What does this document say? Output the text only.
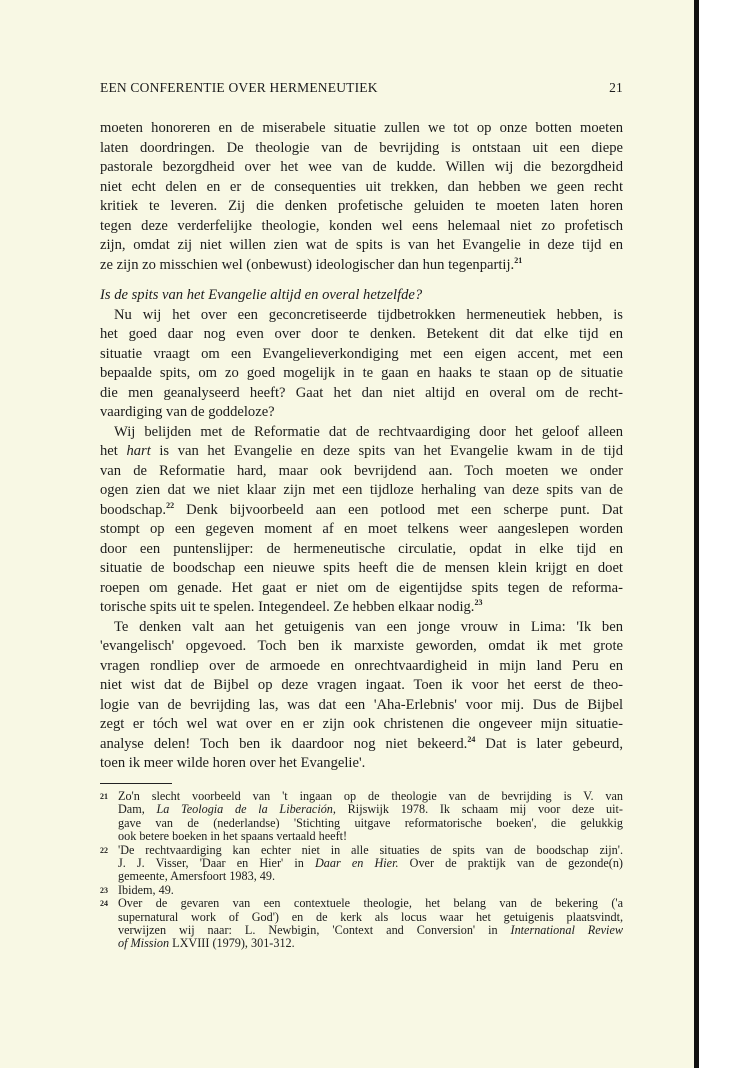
EEN CONFERENTIE OVER HERMENEUTIEK	21
moeten honoreren en de miserabele situatie zullen we tot op onze botten moeten
laten doordringen. De theologie van de bevrijding is ontstaan uit een diepe
pastorale bezorgdheid over het wee van de kudde. Willen wij die bezorgdheid
niet echt delen en er de consequenties uit trekken, dan hebben we geen recht
kritiek te leveren. Zij die denken profetische geluiden te moeten laten horen
tegen deze verderfelijke theologie, konden wel eens helemaal niet zo profetisch
zijn, omdat zij niet willen zien wat de spits is van het Evangelie in deze tijd en
ze zijn zo misschien wel (onbewust) ideologischer dan hun tegenpartij.$^{21}$
Is de spits van het Evangelie altijd en overal hetzelfde?
Nu wij het over een geconcretiseerde tijdbetrokken hermeneutiek hebben, is
het goed daar nog even over door te denken. Betekent dit dat elke tijd en
situatie vraagt om een Evangelieverkondiging met een eigen accent, met een
bepaalde spits, om zo goed mogelijk in te gaan en haaks te staan op de situatie
die men geanalyseerd heeft? Gaat het dan niet altijd en overal om de recht-
vaardiging van de goddeloze?
Wij belijden met de Reformatie dat de rechtvaardiging door het geloof alleen
het hart is van het Evangelie en deze spits van het Evangelie kwam in de tijd
van de Reformatie hard, maar ook bevrijdend aan. Toch moeten we onder
ogen zien dat we niet klaar zijn met een tijdloze herhaling van deze spits van de
boodschap.$^{22}$ Denk bijvoorbeeld aan een potlood met een scherpe punt. Dat
stompt op een gegeven moment af en moet telkens weer aangeslepen worden
door een puntenslijper: de hermeneutische circulatie, opdat in elke tijd en
situatie de boodschap een nieuwe spits heeft die de mensen klein krijgt en doet
roepen om genade. Het gaat er niet om de eigentijdse spits tegen de reforma-
torische spits uit te spelen. Integendeel. Ze hebben elkaar nodig.$^{23}$
Te denken valt aan het getuigenis van een jonge vrouw in Lima: 'Ik ben
'evangelisch' opgevoed. Toch ben ik marxiste geworden, omdat ik met grote
vragen rondliep over de armoede en onrechtvaardigheid in mijn land Peru en
niet wist dat de Bijbel op deze vragen ingaat. Toen ik voor het eerst de theo-
logie van de bevrijding las, was dat een 'Aha-Erlebnis' voor mij. Dus de Bijbel
zegt er tóch wel wat over en er zijn ook christenen die ongeveer mijn situatie-
analyse delen! Toch ben ik daardoor nog niet bekeerd.$^{24}$ Dat is later gebeurd,
toen ik meer wilde horen over het Evangelie'.
21 Zo'n slecht voorbeeld van 't ingaan op de theologie van de bevrijding is V. van
Dam, La Teologia de la Liberación, Rijswijk 1978. Ik schaam mij voor deze uit-
gave van de (nederlandse) 'Stichting uitgave reformatorische boeken', die gelukkig
ook betere boeken in het spaans vertaald heeft!
22 'De rechtvaardiging kan echter niet in alle situaties de spits van de boodschap zijn'.
J. J. Visser, 'Daar en Hier' in Daar en Hier. Over de praktijk van de gezonde(n)
gemeente, Amersfoort 1983, 49.
23 Ibidem, 49.
24 Over de gevaren van een contextuele theologie, het belang van de bekering ('a
supernatural work of God') en de kerk als locus waar het getuigenis plaatsvindt,
verwijzen wij naar: L. Newbigin, 'Context and Conversion' in International Review
of Mission LXVIII (1979), 301-312.
